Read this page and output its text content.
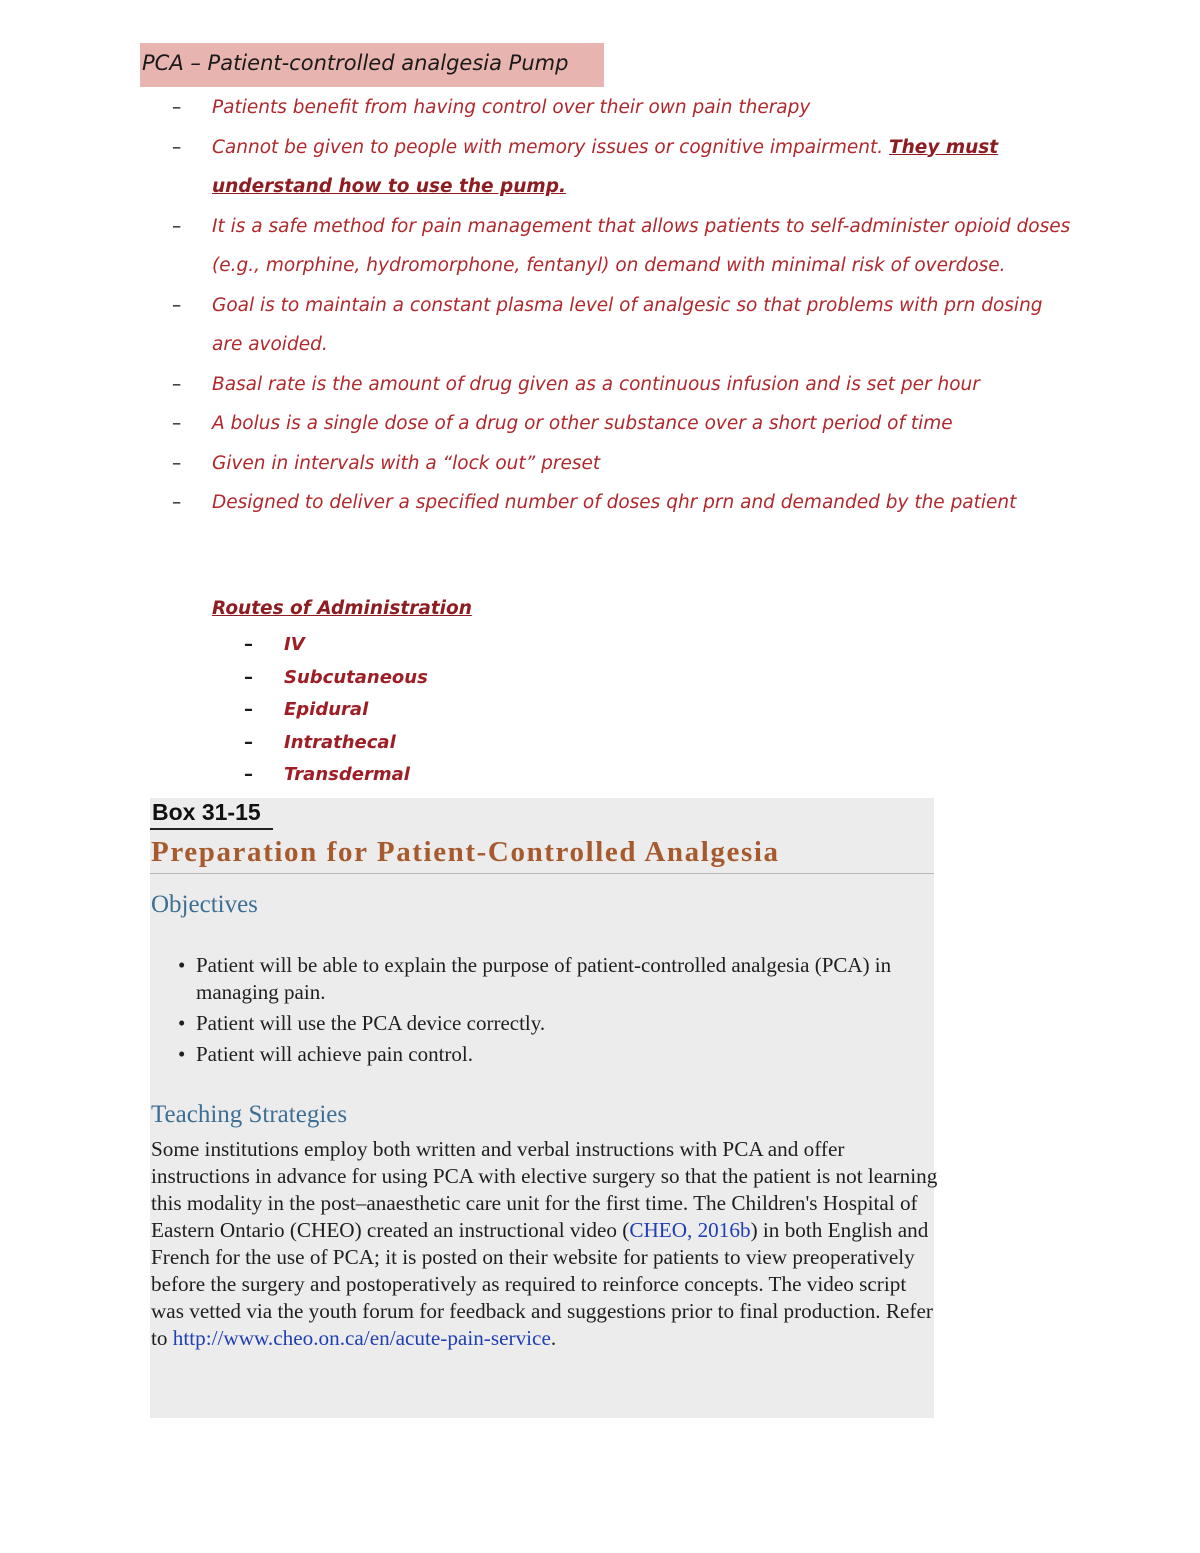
PCA – Patient-controlled analgesia Pump
– Patients benefit from having control over their own pain therapy
– Cannot be given to people with memory issues or cognitive impairment. They must understand how to use the pump.
– It is a safe method for pain management that allows patients to self-administer opioid doses (e.g., morphine, hydromorphone, fentanyl) on demand with minimal risk of overdose.
– Goal is to maintain a constant plasma level of analgesic so that problems with prn dosing are avoided.
– Basal rate is the amount of drug given as a continuous infusion and is set per hour
– A bolus is a single dose of a drug or other substance over a short period of time
– Given in intervals with a “lock out” preset
– Designed to deliver a specified number of doses qhr prn and demanded by the patient
Routes of Administration
– IV
– Subcutaneous
– Epidural
– Intrathecal
– Transdermal
Box 31-15
Preparation for Patient-Controlled Analgesia
Objectives
• Patient will be able to explain the purpose of patient-controlled analgesia (PCA) in managing pain.
• Patient will use the PCA device correctly.
• Patient will achieve pain control.
Teaching Strategies
Some institutions employ both written and verbal instructions with PCA and offer instructions in advance for using PCA with elective surgery so that the patient is not learning this modality in the post–anaesthetic care unit for the first time. The Children's Hospital of Eastern Ontario (CHEO) created an instructional video (CHEO, 2016b) in both English and French for the use of PCA; it is posted on their website for patients to view preoperatively before the surgery and postoperatively as required to reinforce concepts. The video script was vetted via the youth forum for feedback and suggestions prior to final production. Refer to http://www.cheo.on.ca/en/acute-pain-service.
